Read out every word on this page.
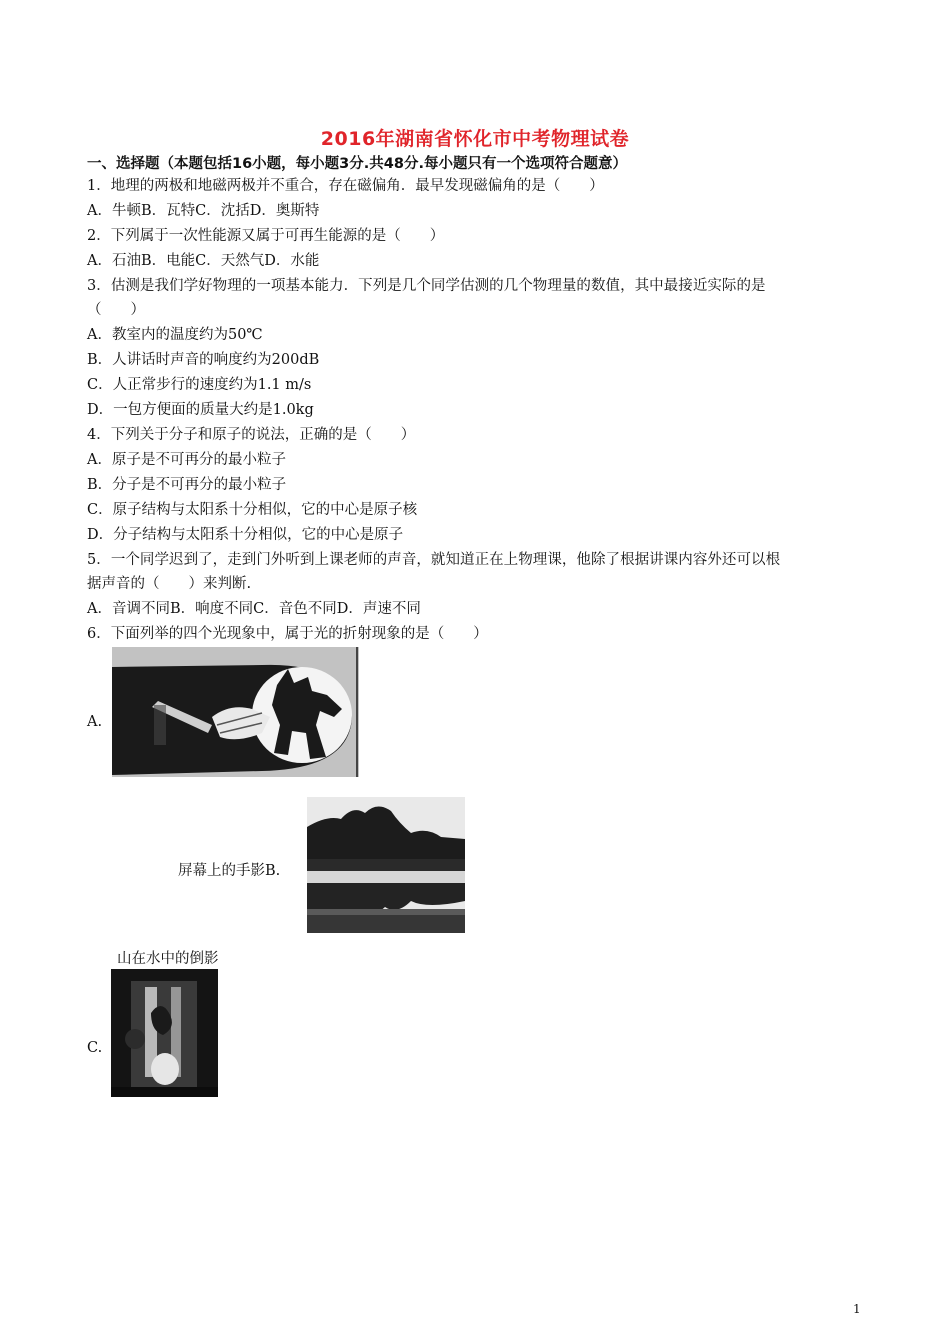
2016年湖南省怀化市中考物理试卷
一、选择题（本题包括16小题，每小题3分.共48分.每小题只有一个选项符合题意）
1．地理的两极和地磁两极并不重合，存在磁偏角．最早发现磁偏角的是（　　）
A．牛顿B．瓦特C．沈括D．奥斯特
2．下列属于一次性能源又属于可再生能源的是（　　）
A．石油B．电能C．天然气D．水能
3．估测是我们学好物理的一项基本能力．下列是几个同学估测的几个物理量的数值，其中最接近实际的是
（　　）
A．教室内的温度约为50℃
B．人讲话时声音的响度约为200dB
C．人正常步行的速度约为1.1 m/s
D．一包方便面的质量大约是1.0kg
4．下列关于分子和原子的说法，正确的是（　　）
A．原子是不可再分的最小粒子
B．分子是不可再分的最小粒子
C．原子结构与太阳系十分相似，它的中心是原子核
D．分子结构与太阳系十分相似，它的中心是原子
5．一个同学迟到了，走到门外听到上课老师的声音，就知道正在上物理课，他除了根据讲课内容外还可以根
据声音的（　　）来判断.
A．音调不同B．响度不同C．音色不同D．声速不同
6．下面列举的四个光现象中，属于光的折射现象的是（　　）
A.
屏幕上的手影B.
山在水中的倒影
C.
1
